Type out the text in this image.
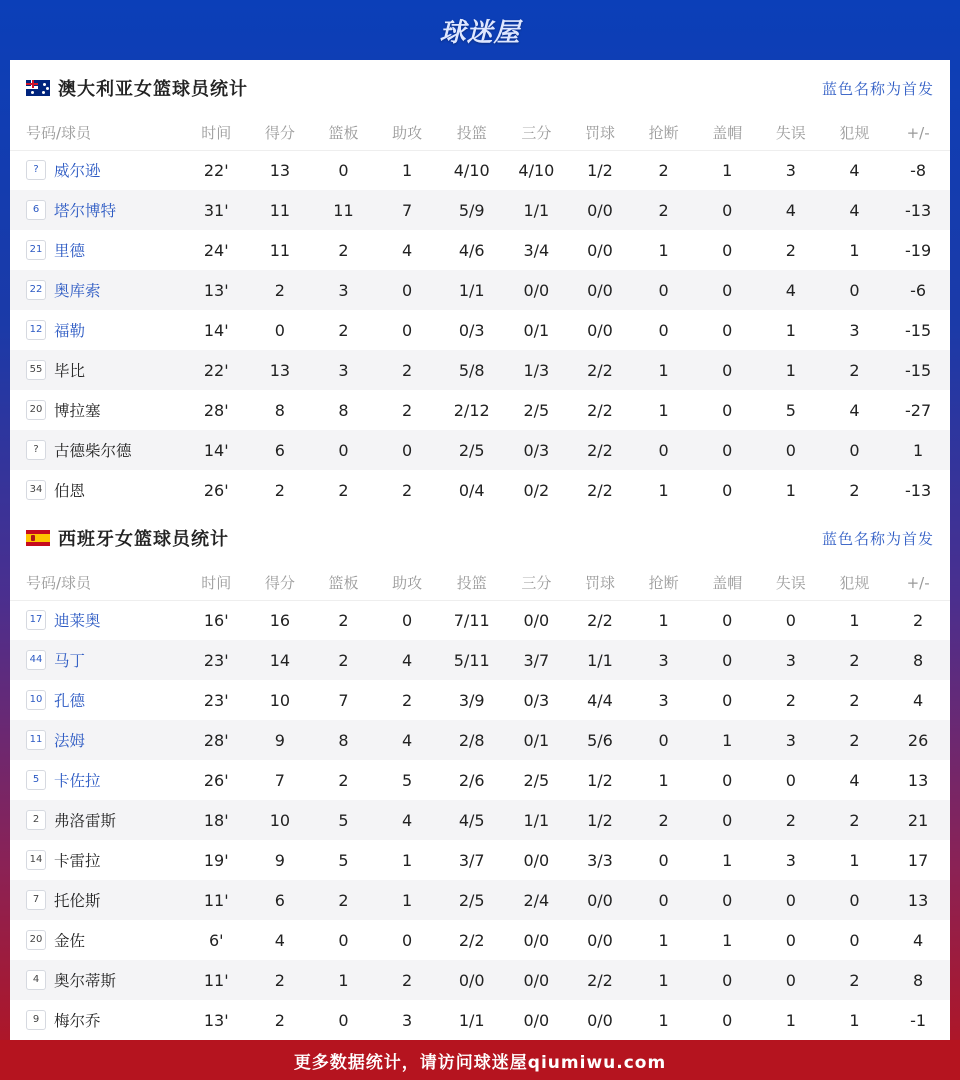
球迷屋
澳大利亚女篮球员统计	蓝色名称为首发
号码/球员	时间	得分	篮板	助攻	投篮	三分	罚球	抢断	盖帽	失误	犯规	+/-
? 威尔逊	22'	13	0	1	4/10	4/10	1/2	2	1	3	4	-8
6 塔尔博特	31'	11	11	7	5/9	1/1	0/0	2	0	4	4	-13
21 里德	24'	11	2	4	4/6	3/4	0/0	1	0	2	1	-19
22 奥库索	13'	2	3	0	1/1	0/0	0/0	0	0	4	0	-6
12 福勒	14'	0	2	0	0/3	0/1	0/0	0	0	1	3	-15
55 毕比	22'	13	3	2	5/8	1/3	2/2	1	0	1	2	-15
20 博拉塞	28'	8	8	2	2/12	2/5	2/2	1	0	5	4	-27
? 古德柴尔德	14'	6	0	0	2/5	0/3	2/2	0	0	0	0	1
34 伯恩	26'	2	2	2	0/4	0/2	2/2	1	0	1	2	-13
西班牙女篮球员统计	蓝色名称为首发
号码/球员	时间	得分	篮板	助攻	投篮	三分	罚球	抢断	盖帽	失误	犯规	+/-
17 迪莱奥	16'	16	2	0	7/11	0/0	2/2	1	0	0	1	2
44 马丁	23'	14	2	4	5/11	3/7	1/1	3	0	3	2	8
10 孔德	23'	10	7	2	3/9	0/3	4/4	3	0	2	2	4
11 法姆	28'	9	8	4	2/8	0/1	5/6	0	1	3	2	26
5 卡佐拉	26'	7	2	5	2/6	2/5	1/2	1	0	0	4	13
2 弗洛雷斯	18'	10	5	4	4/5	1/1	1/2	2	0	2	2	21
14 卡雷拉	19'	9	5	1	3/7	0/0	3/3	0	1	3	1	17
7 托伦斯	11'	6	2	1	2/5	2/4	0/0	0	0	0	0	13
20 金佐	6'	4	0	0	2/2	0/0	0/0	1	1	0	0	4
4 奥尔蒂斯	11'	2	1	2	0/0	0/0	2/2	1	0	0	2	8
9 梅尔乔	13'	2	0	3	1/1	0/0	0/0	1	0	1	1	-1
更多数据统计，请访问球迷屋qiumiwu.com
